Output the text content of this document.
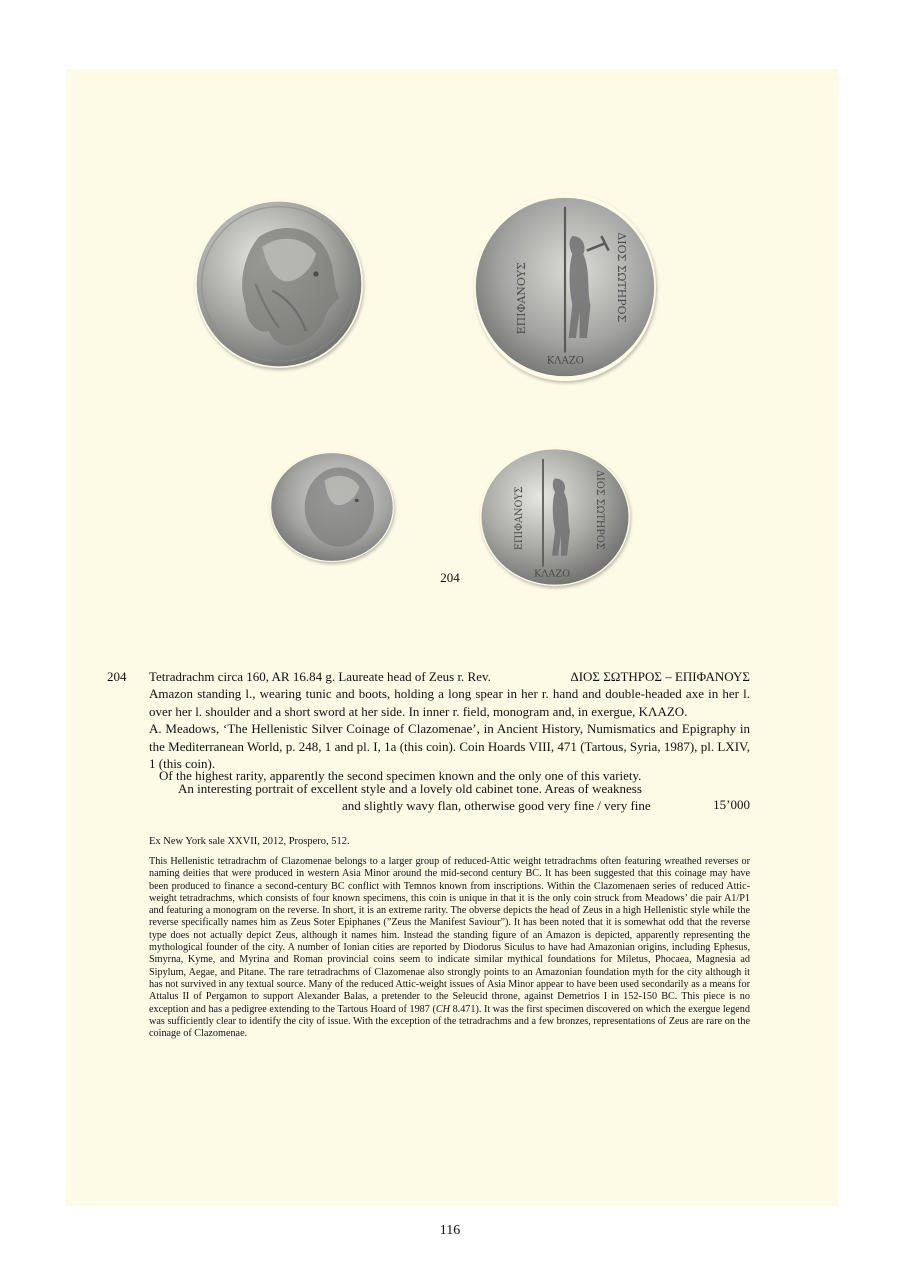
ΔΙΟΣ ΣΩΤΗΡΟΣ
ΕΠΙΦΑΝΟΥΣ
ΚΛΑΖΟ
ΔΙΟΣ ΣΩΤΗΡΟΣ
ΕΠΙΦΑΝΟΥΣ
ΚΛΑΖΟ
204
204 Tetradrachm circa 160, AR 16.84 g. Laureate head of Zeus r. Rev.	ΔΙΟΣ ΣΩΤΗΡΟΣ – ΕΠΙΦΑΝΟΥΣ
Amazon standing l., wearing tunic and boots, holding a long spear in her r. hand and double-headed axe in her l. over her l. shoulder and a short sword at her side. In inner r. field, monogram and, in exergue, ΚΛΑΖΟ.
A. Meadows, ‘The Hellenistic Silver Coinage of Clazomenae’, in Ancient History, Numismatics and Epigraphy in the Mediterranean World, p. 248, 1 and pl. I, 1a (this coin). Coin Hoards VIII, 471 (Tartous, Syria, 1987), pl. LXIV, 1 (this coin).
Of the highest rarity, apparently the second specimen known and the only one of this variety.
An interesting portrait of excellent style and a lovely old cabinet tone. Areas of weakness
and slightly wavy flan, otherwise good very fine / very fine	15’000
Ex New York sale XXVII, 2012, Prospero, 512.
This Hellenistic tetradrachm of Clazomenae belongs to a larger group of reduced-Attic weight tetradrachms often featuring wreathed reverses or naming deities that were produced in western Asia Minor around the mid-second century BC. It has been suggested that this coinage may have been produced to finance a second-century BC conflict with Temnos known from inscriptions. Within the Clazomenaen series of reduced Attic-weight tetradrachms, which consists of four known specimens, this coin is unique in that it is the only coin struck from Meadows’ die pair A1/P1 and featuring a monogram on the reverse. In short, it is an extreme rarity. The obverse depicts the head of Zeus in a high Hellenistic style while the reverse specifically names him as Zeus Soter Epiphanes (”Zeus the Manifest Saviour”). It has been noted that it is somewhat odd that the reverse type does not actually depict Zeus, although it names him. Instead the standing figure of an Amazon is depicted, apparently representing the mythological founder of the city. A number of Ionian cities are reported by Diodorus Siculus to have had Amazonian origins, including Ephesus, Smyrna, Kyme, and Myrina and Roman provincial coins seem to indicate similar mythical foundations for Miletus, Phocaea, Magnesia ad Sipylum, Aegae, and Pitane. The rare tetradrachms of Clazomenae also strongly points to an Amazonian foundation myth for the city although it has not survived in any textual source. Many of the reduced Attic-weight issues of Asia Minor appear to have been used secondarily as a means for Attalus II of Pergamon to support Alexander Balas, a pretender to the Seleucid throne, against Demetrios I in 152-150 BC. This piece is no exception and has a pedigree extending to the Tartous Hoard of 1987 (CH 8.471). It was the first specimen discovered on which the exergue legend was sufficiently clear to identify the city of issue. With the exception of the tetradrachms and a few bronzes, representations of Zeus are rare on the coinage of Clazomenae.
116
